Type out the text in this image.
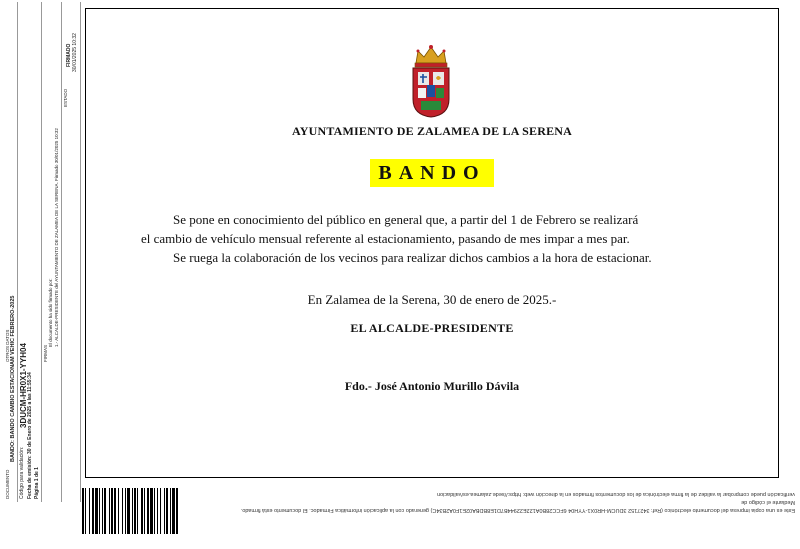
DOCUMENTO
BANDO: BANDO CAMBIO ESTACIONAM VEHIC FEBRERO-2025
OTROS DATOS
Código para validación:
3DUCM-HR0X1-YYH04 Fecha de emisión: 30 de Enero de 2025 a las 11:55:34 Página 1 de 1
FIRMAS
El documento ha sido firmado por: 1.- ALCALDE-PRESIDENTE del AYUNTAMIENTO DE ZALAMEA DE LA SERENA. Firmado 30/01/2025 10:32
ESTADO
FIRMADO 30/01/2025 10:32
AYUNTAMIENTO DE ZALAMEA DE LA SERENA
BANDO
Se pone en conocimiento del público en general que, a partir del 1 de Febrero se realizará
el cambio de vehículo mensual referente al estacionamiento, pasando de mes impar a mes par.
Se ruega la colaboración de los vecinos para realizar dichos cambios a la hora de estacionar.
En Zalamea de la Serena, 30 de enero de 2025.-
EL ALCALDE-PRESIDENTE
Fdo.- José Antonio Murillo Dávila
Este es una copia impresa del documento electrónico (Ref: 3427152 3DUCM-HR0X1-YYH04 6FCC28B0A122E22944B7D1E8BDBA02E1F0A2B34C) generado con la aplicación informática Firmadoc. El documento está firmado. Mediante el código de
verificación puede comprobar la validez de la firma electrónica de los documentos firmados en la dirección web: https://sede.zalamea.es/validacion
